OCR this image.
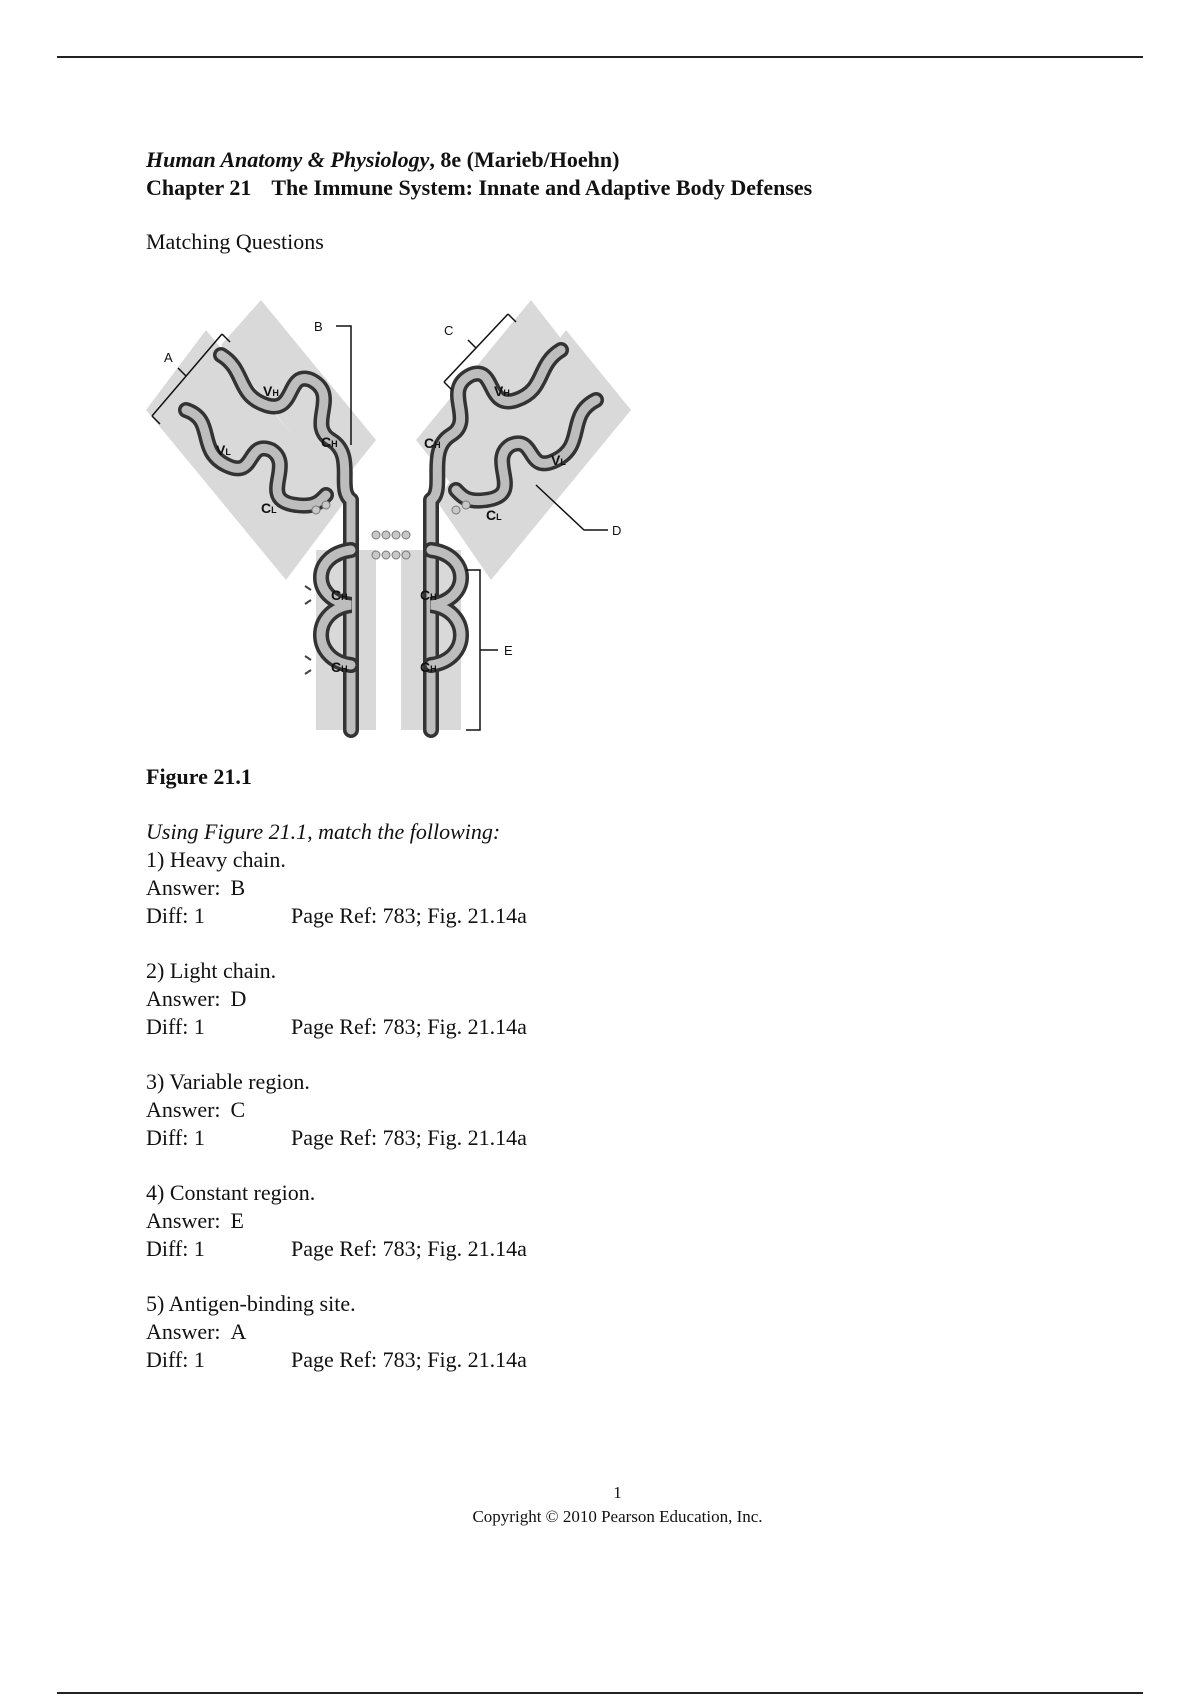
Human Anatomy & Physiology, 8e (Marieb/Hoehn)

Chapter 21 The Immune System: Innate and Adaptive Body Defenses

Matching Questions
VH
VL
CH
CL
VH
VL
CH
CL
CH
CH
CH
CH
A
B	C
D
E
Figure 21.1
Using Figure 21.1, match the following:
1) Heavy chain.
Answer: B
Diff: 1	Page Ref: 783; Fig. 21.14a
2) Light chain.
Answer: D
Diff: 1	Page Ref: 783; Fig. 21.14a
3) Variable region.
Answer: C
Diff: 1	Page Ref: 783; Fig. 21.14a
4) Constant region.
Answer: E
Diff: 1	Page Ref: 783; Fig. 21.14a
5) Antigen-binding site.
Answer: A
Diff: 1	Page Ref: 783; Fig. 21.14a
1
Copyright © 2010 Pearson Education, Inc.
